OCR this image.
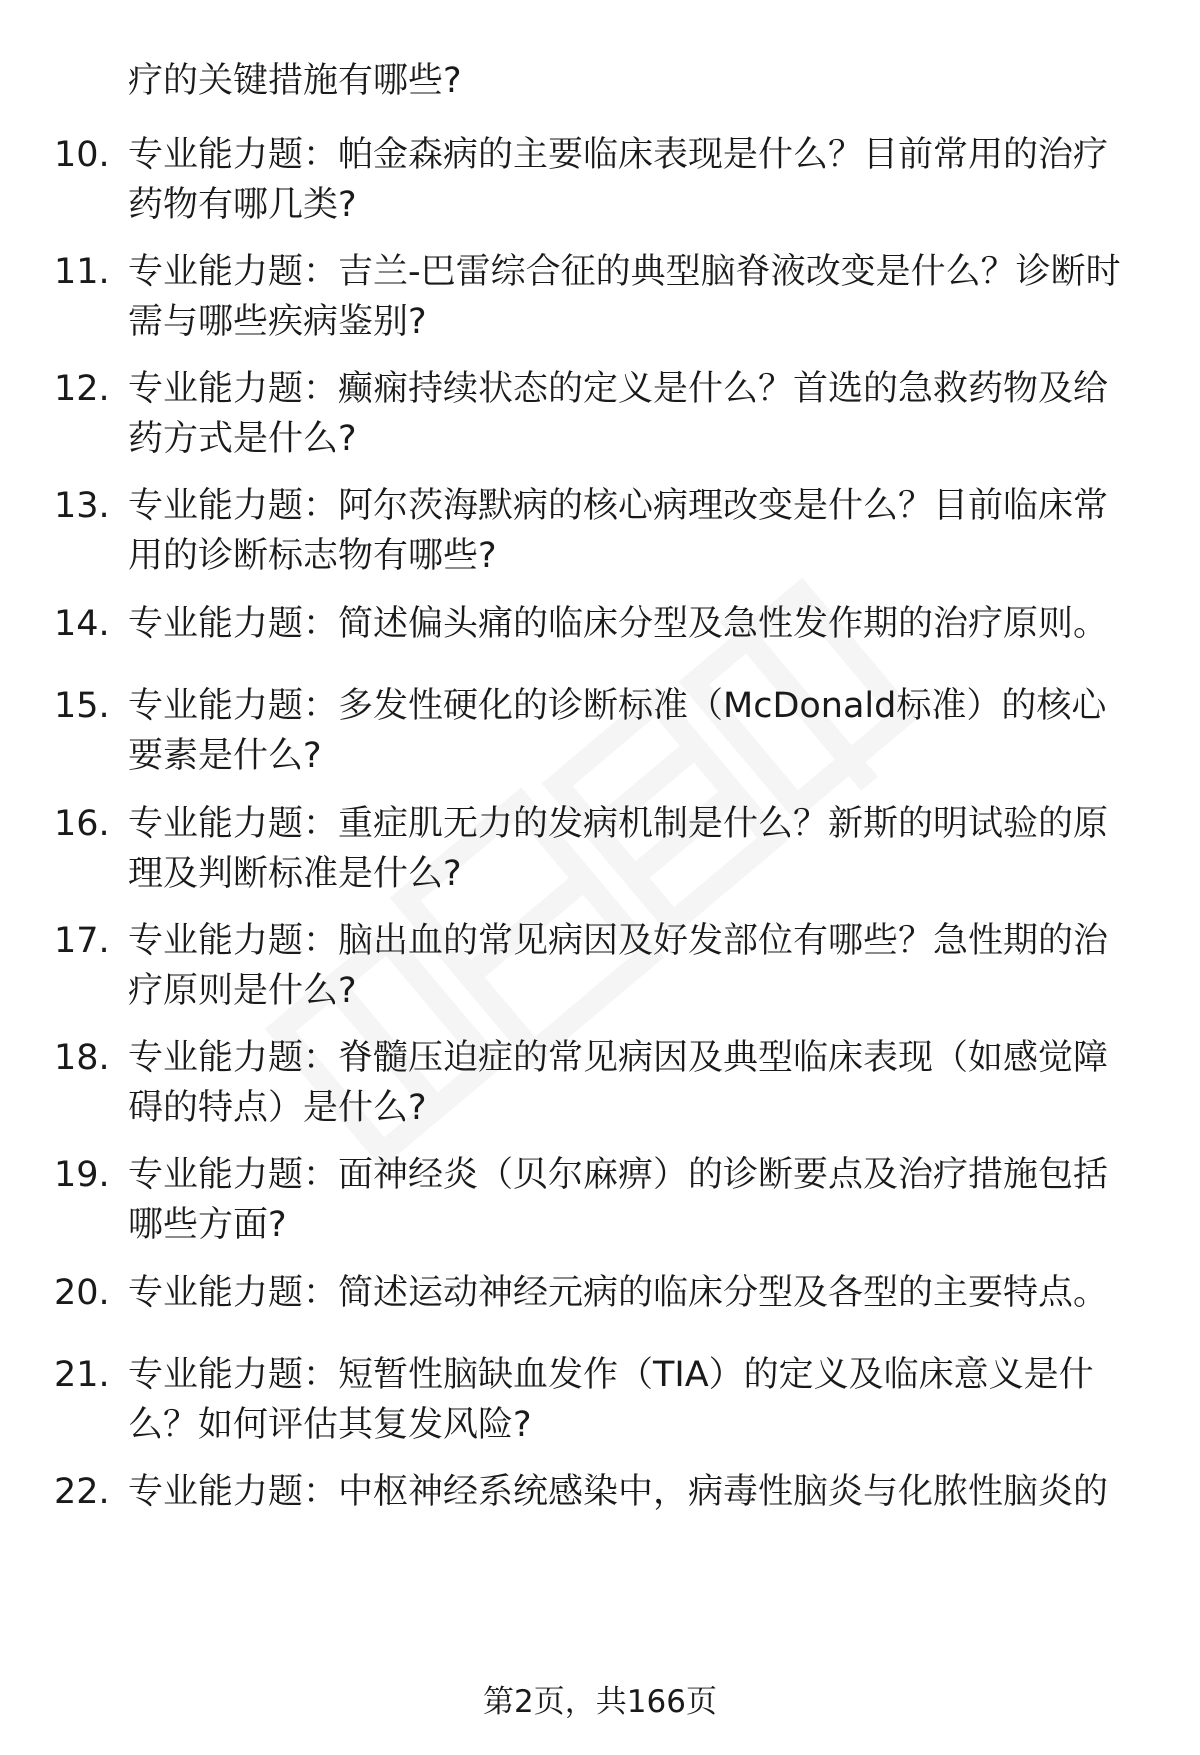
疗的关键措施有哪些?
10. 专业能力题：帕金森病的主要临床表现是什么？目前常用的治疗
药物有哪几类?
11. 专业能力题：吉兰-巴雷综合征的典型脑脊液改变是什么？诊断时
需与哪些疾病鉴别?
12. 专业能力题：癫痫持续状态的定义是什么？首选的急救药物及给
药方式是什么?
13. 专业能力题：阿尔茨海默病的核心病理改变是什么？目前临床常
用的诊断标志物有哪些?
14. 专业能力题：简述偏头痛的临床分型及急性发作期的治疗原则。
15. 专业能力题：多发性硬化的诊断标准（McDonald标准）的核心
要素是什么?
16. 专业能力题：重症肌无力的发病机制是什么？新斯的明试验的原
理及判断标准是什么?
17. 专业能力题：脑出血的常见病因及好发部位有哪些？急性期的治
疗原则是什么?
18. 专业能力题：脊髓压迫症的常见病因及典型临床表现（如感觉障
碍的特点）是什么?
19. 专业能力题：面神经炎（贝尔麻痹）的诊断要点及治疗措施包括
哪些方面?
20. 专业能力题：简述运动神经元病的临床分型及各型的主要特点。
21. 专业能力题：短暂性脑缺血发作（TIA）的定义及临床意义是什
么？如何评估其复发风险?
22. 专业能力题：中枢神经系统感染中，病毒性脑炎与化脓性脑炎的
第2页，共166页
